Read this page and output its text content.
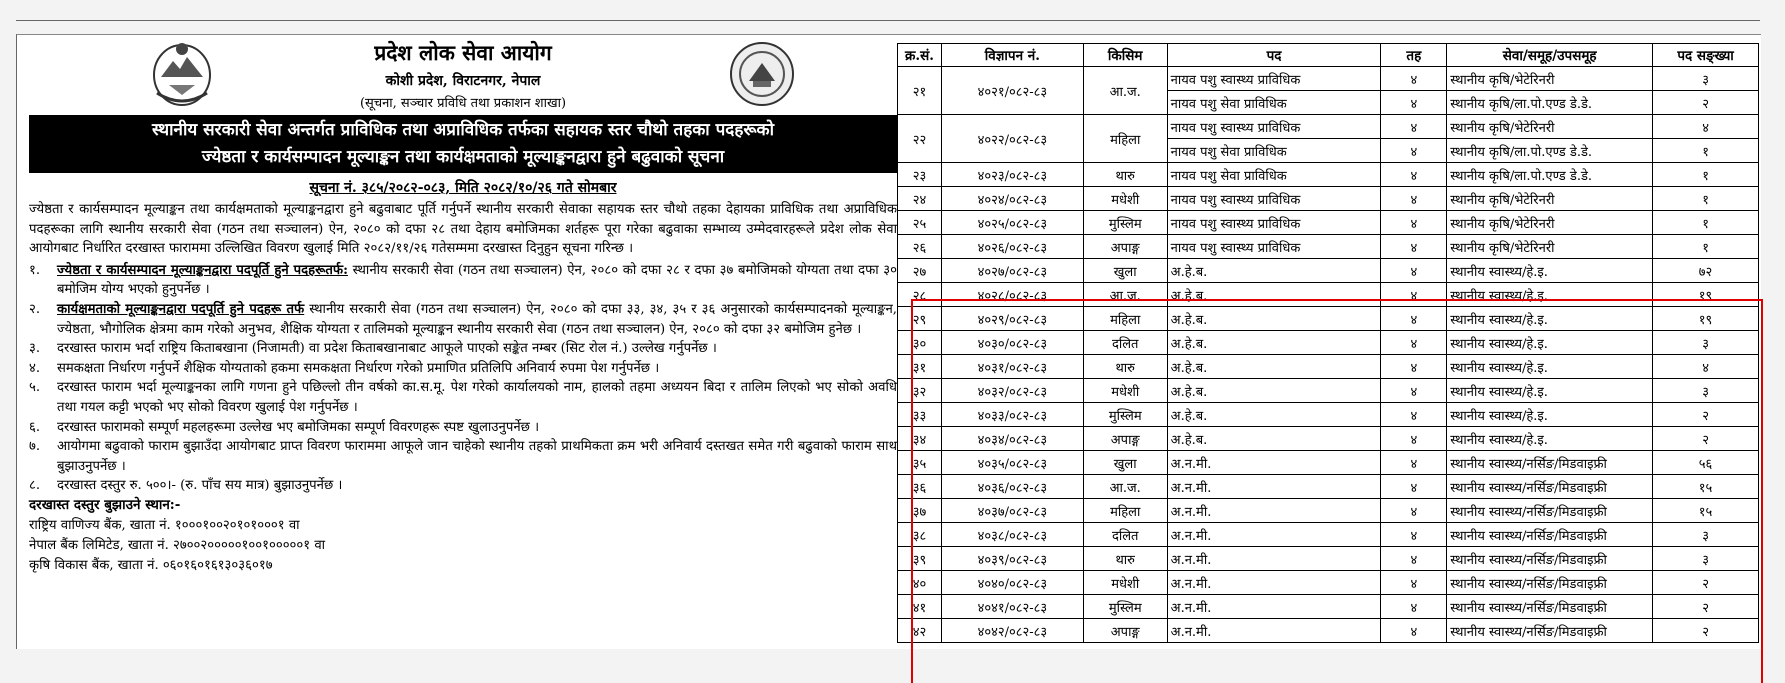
प्रदेश लोक सेवा आयोग
कोशी प्रदेश, विराटनगर, नेपाल
(सूचना, सञ्चार प्रविधि तथा प्रकाशन शाखा)
स्थानीय सरकारी सेवा अन्तर्गत प्राविधिक तथा अप्राविधिक तर्फका सहायक स्तर चौथो तहका पदहरूको
ज्येष्ठता र कार्यसम्पादन मूल्याङ्कन तथा कार्यक्षमताको मूल्याङ्कनद्वारा हुने बढुवाको सूचना
सूचना नं. ३८५/२०८२-०८३, मिति २०८२/१०/२६ गते सोमबार
ज्येष्ठता र कार्यसम्पादन मूल्याङ्कन तथा कार्यक्षमताको मूल्याङ्कनद्वारा हुने बढुवाबाट पूर्ति गर्नुपर्ने स्थानीय सरकारी सेवाका सहायक स्तर चौथो तहका देहायका प्राविधिक तथा अप्राविधिक पदहरूका लागि स्थानीय सरकारी सेवा (गठन तथा सञ्चालन) ऐन, २०८० को दफा २८ तथा देहाय बमोजिमका शर्तहरू पूरा गरेका बढुवाका सम्भाव्य उम्मेदवारहरूले प्रदेश लोक सेवा आयोगबाट निर्धारित दरखास्त फाराममा उल्लिखित विवरण खुलाई मिति २०८२/११/२६ गतेसम्ममा दरखास्त दिनुहुन सूचना गरिन्छ ।
१.	ज्येष्ठता र कार्यसम्पादन मूल्याङ्कनद्वारा पदपूर्ति हुने पदहरूतर्फ: स्थानीय सरकारी सेवा (गठन तथा सञ्चालन) ऐन, २०८० को दफा २८ र दफा ३७ बमोजिमको योग्यता तथा दफा ३० बमोजिम योग्य भएको हुनुपर्नेछ ।
२.	कार्यक्षमताको मूल्याङ्कनद्वारा पदपूर्ति हुने पदहरू तर्फ स्थानीय सरकारी सेवा (गठन तथा सञ्चालन) ऐन, २०८० को दफा ३३, ३४, ३५ र ३६ अनुसारको कार्यसम्पादनको मूल्याङ्कन, ज्येष्ठता, भौगोलिक क्षेत्रमा काम गरेको अनुभव, शैक्षिक योग्यता र तालिमको मूल्याङ्कन स्थानीय सरकारी सेवा (गठन तथा सञ्चालन) ऐन, २०८० को दफा ३२ बमोजिम हुनेछ ।
३.	दरखास्त फाराम भर्दा राष्ट्रिय किताबखाना (निजामती) वा प्रदेश किताबखानाबाट आफूले पाएको सङ्केत नम्बर (सिट रोल नं.) उल्लेख गर्नुपर्नेछ ।
४.	समकक्षता निर्धारण गर्नुपर्ने शैक्षिक योग्यताको हकमा समकक्षता निर्धारण गरेको प्रमाणित प्रतिलिपि अनिवार्य रुपमा पेश गर्नुपर्नेछ ।
५.	दरखास्त फाराम भर्दा मूल्याङ्कनका लागि गणना हुने पछिल्लो तीन वर्षको का.स.मू. पेश गरेको कार्यालयको नाम, हालको तहमा अध्ययन बिदा र तालिम लिएको भए सोको अवधि तथा गयल कट्टी भएको भए सोको विवरण खुलाई पेश गर्नुपर्नेछ ।
६.	दरखास्त फारामको सम्पूर्ण महलहरूमा उल्लेख भए बमोजिमका सम्पूर्ण विवरणहरू स्पष्ट खुलाउनुपर्नेछ ।
७.	आयोगमा बढुवाको फाराम बुझाउँदा आयोगबाट प्राप्त विवरण फाराममा आफूले जान चाहेको स्थानीय तहको प्राथमिकता क्रम भरी अनिवार्य दस्तखत समेत गरी बढुवाको फाराम साथ बुझाउनुपर्नेछ ।
८.	दरखास्त दस्तुर रु. ५००।- (रु. पाँच सय मात्र) बुझाउनुपर्नेछ ।
दरखास्त दस्तुर बुझाउने स्थान:-
राष्ट्रिय वाणिज्य बैंक, खाता नं. १०००१००२०१०१०००१ वा
नेपाल बैंक लिमिटेड, खाता नं. २७००२०००००१००१०००००१ वा
कृषि विकास बैंक, खाता नं. ०६०१६०१६१३०३६०१७
क्र.सं.	विज्ञापन नं.	किसिम	पद	तह	सेवा/समूह/उपसमूह	पद सङ्ख्या
२१	४०२१/०८२-८३	आ.ज.	नायव पशु स्वास्थ्य प्राविधिक	४	स्थानीय कृषि/भेटेरिनरी	३
			नायव पशु सेवा प्राविधिक	४	स्थानीय कृषि/ला.पो.एण्ड डे.डे.	२
२२	४०२२/०८२-८३	महिला	नायव पशु स्वास्थ्य प्राविधिक	४	स्थानीय कृषि/भेटेरिनरी	४
			नायव पशु सेवा प्राविधिक	४	स्थानीय कृषि/ला.पो.एण्ड डे.डे.	१
२३	४०२३/०८२-८३	थारु	नायव पशु सेवा प्राविधिक	४	स्थानीय कृषि/ला.पो.एण्ड डे.डे.	१
२४	४०२४/०८२-८३	मधेशी	नायव पशु स्वास्थ्य प्राविधिक	४	स्थानीय कृषि/भेटेरिनरी	१
२५	४०२५/०८२-८३	मुस्लिम	नायव पशु स्वास्थ्य प्राविधिक	४	स्थानीय कृषि/भेटेरिनरी	१
२६	४०२६/०८२-८३	अपाङ्ग	नायव पशु स्वास्थ्य प्राविधिक	४	स्थानीय कृषि/भेटेरिनरी	१
२७	४०२७/०८२-८३	खुला	अ.हे.ब.	४	स्थानीय स्वास्थ्य/हे.इ.	७२
२८	४०२८/०८२-८३	आ.ज.	अ.हे.ब.	४	स्थानीय स्वास्थ्य/हे.इ.	१९
२९	४०२९/०८२-८३	महिला	अ.हे.ब.	४	स्थानीय स्वास्थ्य/हे.इ.	१९
३०	४०३०/०८२-८३	दलित	अ.हे.ब.	४	स्थानीय स्वास्थ्य/हे.इ.	३
३१	४०३१/०८२-८३	थारु	अ.हे.ब.	४	स्थानीय स्वास्थ्य/हे.इ.	४
३२	४०३२/०८२-८३	मधेशी	अ.हे.ब.	४	स्थानीय स्वास्थ्य/हे.इ.	३
३३	४०३३/०८२-८३	मुस्लिम	अ.हे.ब.	४	स्थानीय स्वास्थ्य/हे.इ.	२
३४	४०३४/०८२-८३	अपाङ्ग	अ.हे.ब.	४	स्थानीय स्वास्थ्य/हे.इ.	२
३५	४०३५/०८२-८३	खुला	अ.न.मी.	४	स्थानीय स्वास्थ्य/नर्सिङ/मिडवाइफ्री	५६
३६	४०३६/०८२-८३	आ.ज.	अ.न.मी.	४	स्थानीय स्वास्थ्य/नर्सिङ/मिडवाइफ्री	१५
३७	४०३७/०८२-८३	महिला	अ.न.मी.	४	स्थानीय स्वास्थ्य/नर्सिङ/मिडवाइफ्री	१५
३८	४०३८/०८२-८३	दलित	अ.न.मी.	४	स्थानीय स्वास्थ्य/नर्सिङ/मिडवाइफ्री	३
३९	४०३९/०८२-८३	थारु	अ.न.मी.	४	स्थानीय स्वास्थ्य/नर्सिङ/मिडवाइफ्री	३
४०	४०४०/०८२-८३	मधेशी	अ.न.मी.	४	स्थानीय स्वास्थ्य/नर्सिङ/मिडवाइफ्री	२
४१	४०४१/०८२-८३	मुस्लिम	अ.न.मी.	४	स्थानीय स्वास्थ्य/नर्सिङ/मिडवाइफ्री	२
४२	४०४२/०८२-८३	अपाङ्ग	अ.न.मी.	४	स्थानीय स्वास्थ्य/नर्सिङ/मिडवाइफ्री	२
